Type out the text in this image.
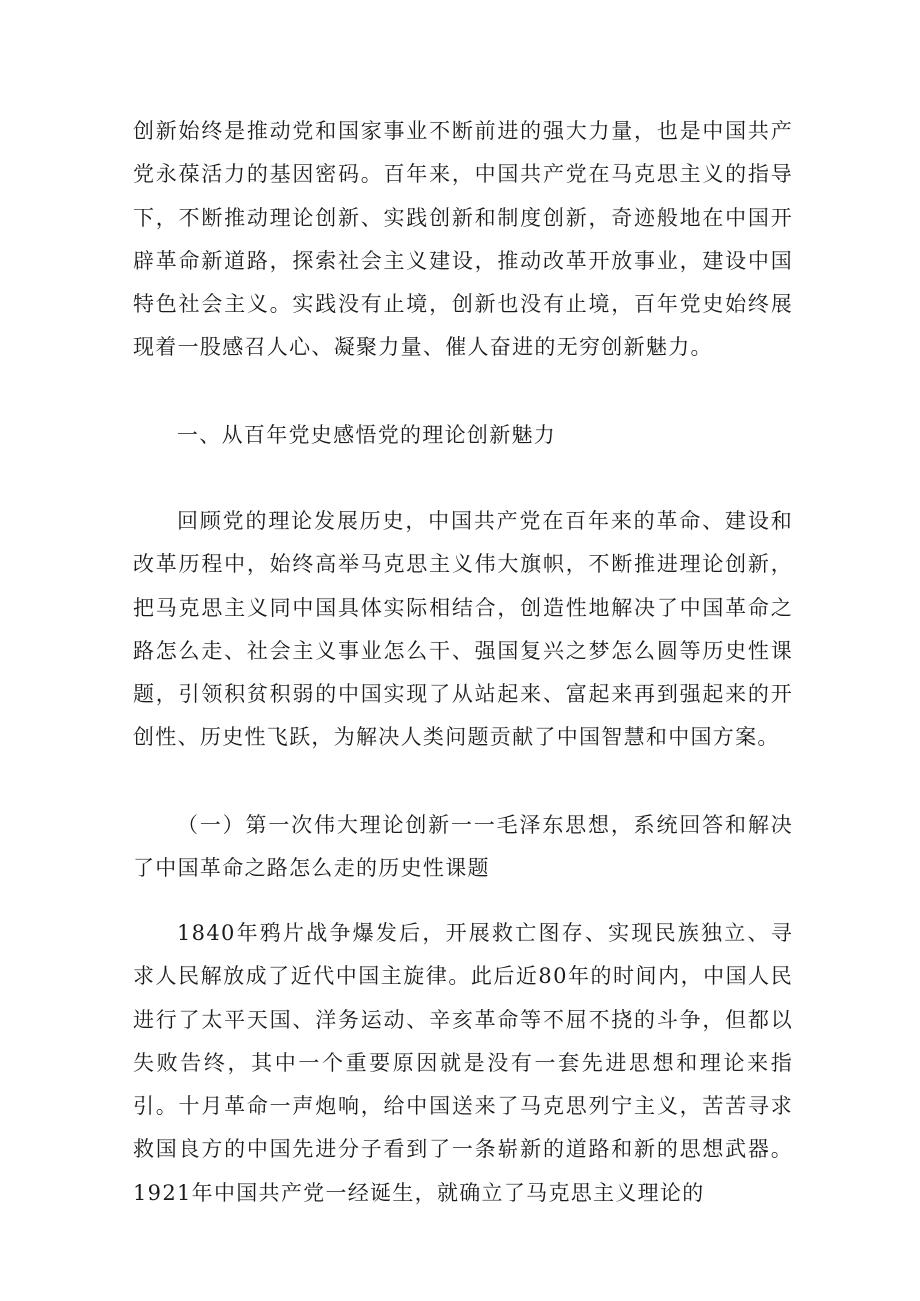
创新始终是推动党和国家事业不断前进的强大力量，也是中国共产党永葆活力的基因密码。百年来，中国共产党在马克思主义的指导下，不断推动理论创新、实践创新和制度创新，奇迹般地在中国开辟革命新道路，探索社会主义建设，推动改革开放事业，建设中国特色社会主义。实践没有止境，创新也没有止境，百年党史始终展现着一股感召人心、凝聚力量、催人奋进的无穷创新魅力。

一、从百年党史感悟党的理论创新魅力

回顾党的理论发展历史，中国共产党在百年来的革命、建设和改革历程中，始终高举马克思主义伟大旗帜，不断推进理论创新，把马克思主义同中国具体实际相结合，创造性地解决了中国革命之路怎么走、社会主义事业怎么干、强国复兴之梦怎么圆等历史性课题，引领积贫积弱的中国实现了从站起来、富起来再到强起来的开创性、历史性飞跃，为解决人类问题贡献了中国智慧和中国方案。

（一）第一次伟大理论创新一一毛泽东思想，系统回答和解决了中国革命之路怎么走的历史性课题

1840年鸦片战争爆发后，开展救亡图存、实现民族独立、寻求人民解放成了近代中国主旋律。此后近80年的时间内，中国人民进行了太平天国、洋务运动、辛亥革命等不屈不挠的斗争，但都以失败告终，其中一个重要原因就是没有一套先进思想和理论来指引。十月革命一声炮响，给中国送来了马克思列宁主义，苦苦寻求救国良方的中国先进分子看到了一条崭新的道路和新的思想武器。1921年中国共产党一经诞生，就确立了马克思主义理论的
